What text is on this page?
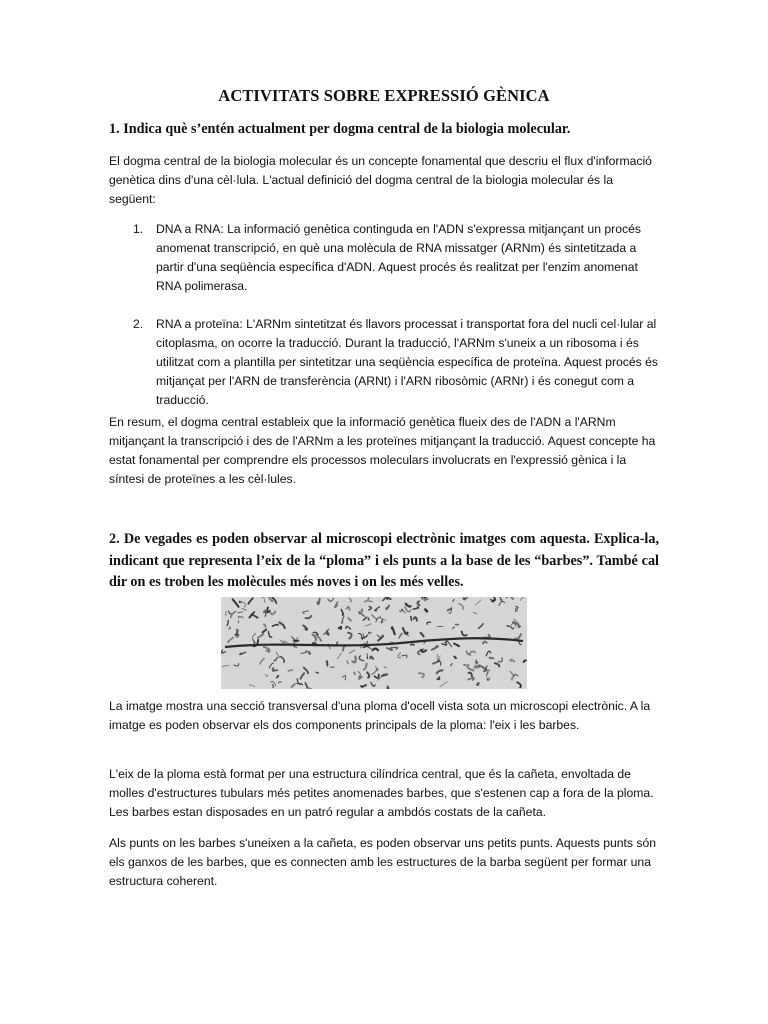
ACTIVITATS SOBRE EXPRESSIÓ GÈNICA

1. Indica què s’entén actualment per dogma central de la biologia molecular.

El dogma central de la biologia molecular és un concepte fonamental que descriu el flux d'informació genètica dins d'una cèl·lula. L'actual definició del dogma central de la biologia molecular és la següent:

1. DNA a RNA: La informació genètica continguda en l'ADN s'expressa mitjançant un procés anomenat transcripció, en què una molècula de RNA missatger (ARNm) és sintetitzada a partir d'una seqüència específica d'ADN. Aquest procés és realitzat per l'enzim anomenat RNA polimerasa.
2. RNA a proteïna: L'ARNm sintetitzat és llavors processat i transportat fora del nucli cel·lular al citoplasma, on ocorre la traducció. Durant la traducció, l'ARNm s'uneix a un ribosoma i és utilitzat com a plantilla per sintetitzar una seqüència específica de proteïna. Aquest procés és mitjançat per l'ARN de transferència (ARNt) i l'ARN ribosòmic (ARNr) i és conegut com a traducció.

En resum, el dogma central estableix que la informació genètica flueix des de l'ADN a l'ARNm mitjançant la transcripció i des de l'ARNm a les proteïnes mitjançant la traducció. Aquest concepte ha estat fonamental per comprendre els processos moleculars involucrats en l'expressió gènica i la síntesi de proteïnes a les cèl·lules.

2. De vegades es poden observar al microscopi electrònic imatges com aquesta. Explica-la, indicant que representa l’eix de la “ploma” i els punts a la base de les “barbes”. També cal dir on es troben les molècules més noves i on les més velles.

La imatge mostra una secció transversal d'una ploma d'ocell vista sota un microscopi electrònic. A la imatge es poden observar els dos components principals de la ploma: l'eix i les barbes.

L'eix de la ploma està format per una estructura cilíndrica central, que és la cañeta, envoltada de molles d'estructures tubulars més petites anomenades barbes, que s'estenen cap a fora de la ploma. Les barbes estan disposades en un patró regular a ambdós costats de la cañeta.

Als punts on les barbes s'uneixen a la cañeta, es poden observar uns petits punts. Aquests punts són els ganxos de les barbes, que es connecten amb les estructures de la barba següent per formar una estructura coherent.
